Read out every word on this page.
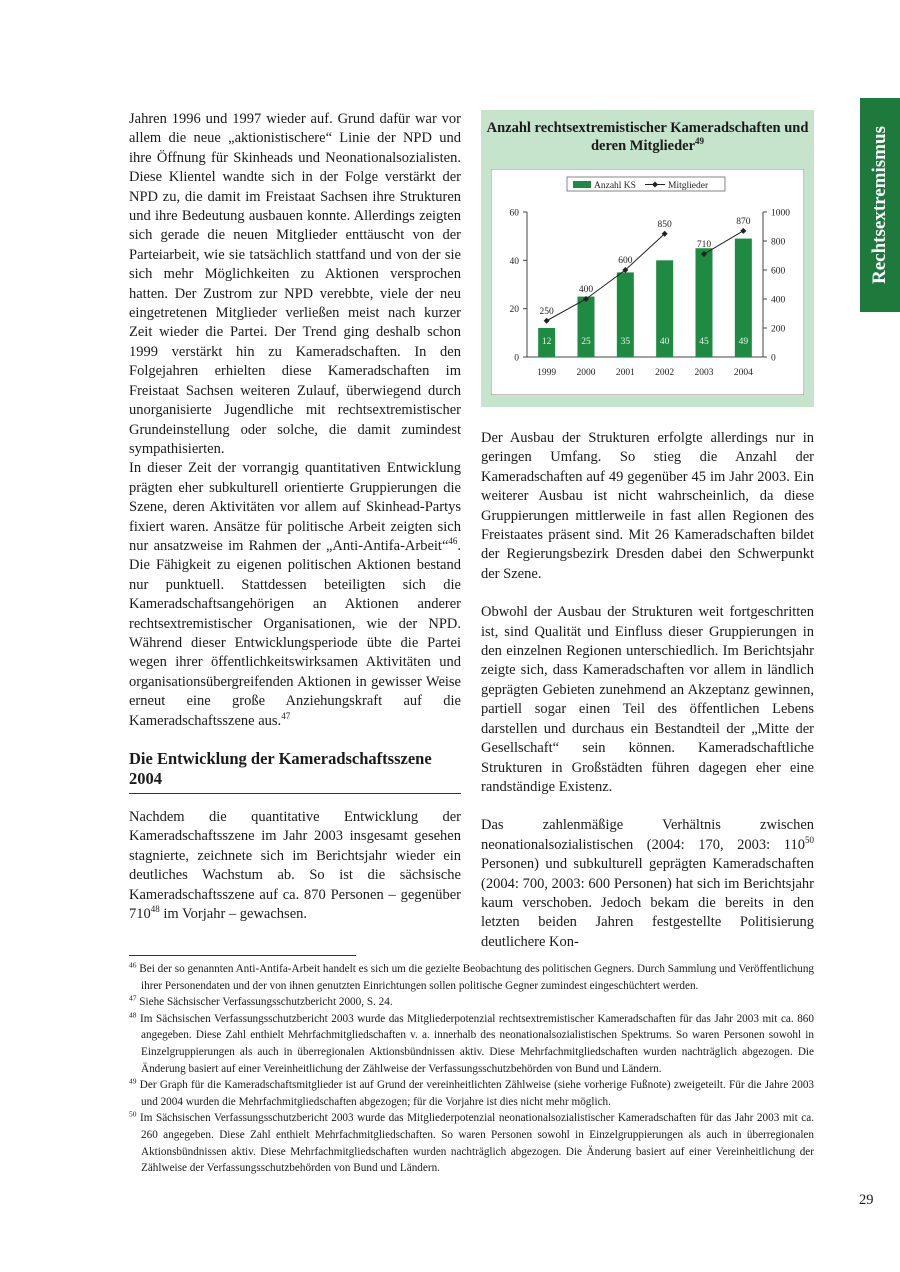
Rechtsextremismus

Jahren 1996 und 1997 wieder auf. Grund dafür war vor allem die neue „aktionistischere“ Linie der NPD und ihre Öffnung für Skinheads und Neonationalsozialisten. Diese Klientel wandte sich in der Folge verstärkt der NPD zu, die damit im Freistaat Sachsen ihre Strukturen und ihre Bedeutung ausbauen konnte. Allerdings zeigten sich gerade die neuen Mitglieder enttäuscht von der Parteiarbeit, wie sie tatsächlich stattfand und von der sie sich mehr Möglichkeiten zu Aktionen versprochen hatten. Der Zustrom zur NPD verebbte, viele der neu eingetretenen Mitglieder verließen meist nach kurzer Zeit wieder die Partei. Der Trend ging deshalb schon 1999 verstärkt hin zu Kameradschaften. In den Folgejahren erhielten diese Kameradschaften im Freistaat Sachsen weiteren Zulauf, überwiegend durch unorganisierte Jugendliche mit rechtsextremistischer Grundeinstellung oder solche, die damit zumindest sympathisierten.

In dieser Zeit der vorrangig quantitativen Entwicklung prägten eher subkulturell orientierte Gruppierungen die Szene, deren Aktivitäten vor allem auf Skinhead-Partys fixiert waren. Ansätze für politische Arbeit zeigten sich nur ansatzweise im Rahmen der „Anti-Antifa-Arbeit“$^{46}$. Die Fähigkeit zu eigenen politischen Aktionen bestand nur punktuell. Stattdessen beteiligten sich die Kameradschaftsangehörigen an Aktionen anderer rechtsextremistischer Organisationen, wie der NPD. Während dieser Entwicklungsperiode übte die Partei wegen ihrer öffentlichkeitswirksamen Aktivitäten und organisationsübergreifenden Aktionen in gewisser Weise erneut eine große Anziehungskraft auf die Kameradschaftsszene aus.$^{47}$

Die Entwicklung der Kameradschaftsszene 2004

Nachdem die quantitative Entwicklung der Kameradschaftsszene im Jahr 2003 insgesamt gesehen stagnierte, zeichnete sich im Berichtsjahr wieder ein deutliches Wachstum ab. So ist die sächsische Kameradschaftsszene auf ca. 870 Personen – gegenüber $710^{48}$ im Vorjahr – gewachsen.

Anzahl rechtsextremistischer Kameradschaften und deren Mitglieder$^{49}$
Anzahl KS	Mitglieder
0
20
40
60
0
200
400
600
800
1000
12
1999
25
2000
35
2001
40
2002
45
2003
49
2004
250
400
600
850
710
870

Der Ausbau der Strukturen erfolgte allerdings nur in geringen Umfang. So stieg die Anzahl der Kameradschaften auf 49 gegenüber 45 im Jahr 2003. Ein weiterer Ausbau ist nicht wahrscheinlich, da diese Gruppierungen mittlerweile in fast allen Regionen des Freistaates präsent sind. Mit 26 Kameradschaften bildet der Regierungsbezirk Dresden dabei den Schwerpunkt der Szene.

Obwohl der Ausbau der Strukturen weit fortgeschritten ist, sind Qualität und Einfluss dieser Gruppierungen in den einzelnen Regionen unterschiedlich. Im Berichtsjahr zeigte sich, dass Kameradschaften vor allem in ländlich geprägten Gebieten zunehmend an Akzeptanz gewinnen, partiell sogar einen Teil des öffentlichen Lebens darstellen und durchaus ein Bestandteil der „Mitte der Gesellschaft“ sein können. Kameradschaftliche Strukturen in Großstädten führen dagegen eher eine randständige Existenz.

Das zahlenmäßige Verhältnis zwischen neonationalsozialistischen (2004: 170, 2003: $110^{50}$ Personen) und subkulturell geprägten Kameradschaften (2004: 700, 2003: 600 Personen) hat sich im Berichtsjahr kaum verschoben. Jedoch bekam die bereits in den letzten beiden Jahren festgestellte Politisierung deutlichere Kon-

$^{46}$ Bei der so genannten Anti-Antifa-Arbeit handelt es sich um die gezielte Beobachtung des politischen Gegners. Durch Sammlung und Veröffentlichung ihrer Personendaten und der von ihnen genutzten Einrichtungen sollen politische Gegner zumindest eingeschüchtert werden.

$^{47}$ Siehe Sächsischer Verfassungsschutzbericht 2000, S. 24.

$^{48}$ Im Sächsischen Verfassungsschutzbericht 2003 wurde das Mitgliederpotenzial rechtsextremistischer Kameradschaften für das Jahr 2003 mit ca. 860 angegeben. Diese Zahl enthielt Mehrfachmitgliedschaften v. a. innerhalb des neonationalsozialistischen Spektrums. So waren Personen sowohl in Einzelgruppierungen als auch in überregionalen Aktionsbündnissen aktiv. Diese Mehrfachmitgliedschaften wurden nachträglich abgezogen. Die Änderung basiert auf einer Vereinheitlichung der Zählweise der Verfassungsschutzbehörden von Bund und Ländern.

$^{49}$ Der Graph für die Kameradschaftsmitglieder ist auf Grund der vereinheitlichten Zählweise (siehe vorherige Fußnote) zweigeteilt. Für die Jahre 2003 und 2004 wurden die Mehrfachmitgliedschaften abgezogen; für die Vorjahre ist dies nicht mehr möglich.

$^{50}$ Im Sächsischen Verfassungsschutzbericht 2003 wurde das Mitgliederpotenzial neonationalsozialistischer Kameradschaften für das Jahr 2003 mit ca. 260 angegeben. Diese Zahl enthielt Mehrfachmitgliedschaften. So waren Personen sowohl in Einzelgruppierungen als auch in überregionalen Aktionsbündnissen aktiv. Diese Mehrfachmitgliedschaften wurden nachträglich abgezogen. Die Änderung basiert auf einer Vereinheitlichung der Zählweise der Verfassungsschutzbehörden von Bund und Ländern.

29
